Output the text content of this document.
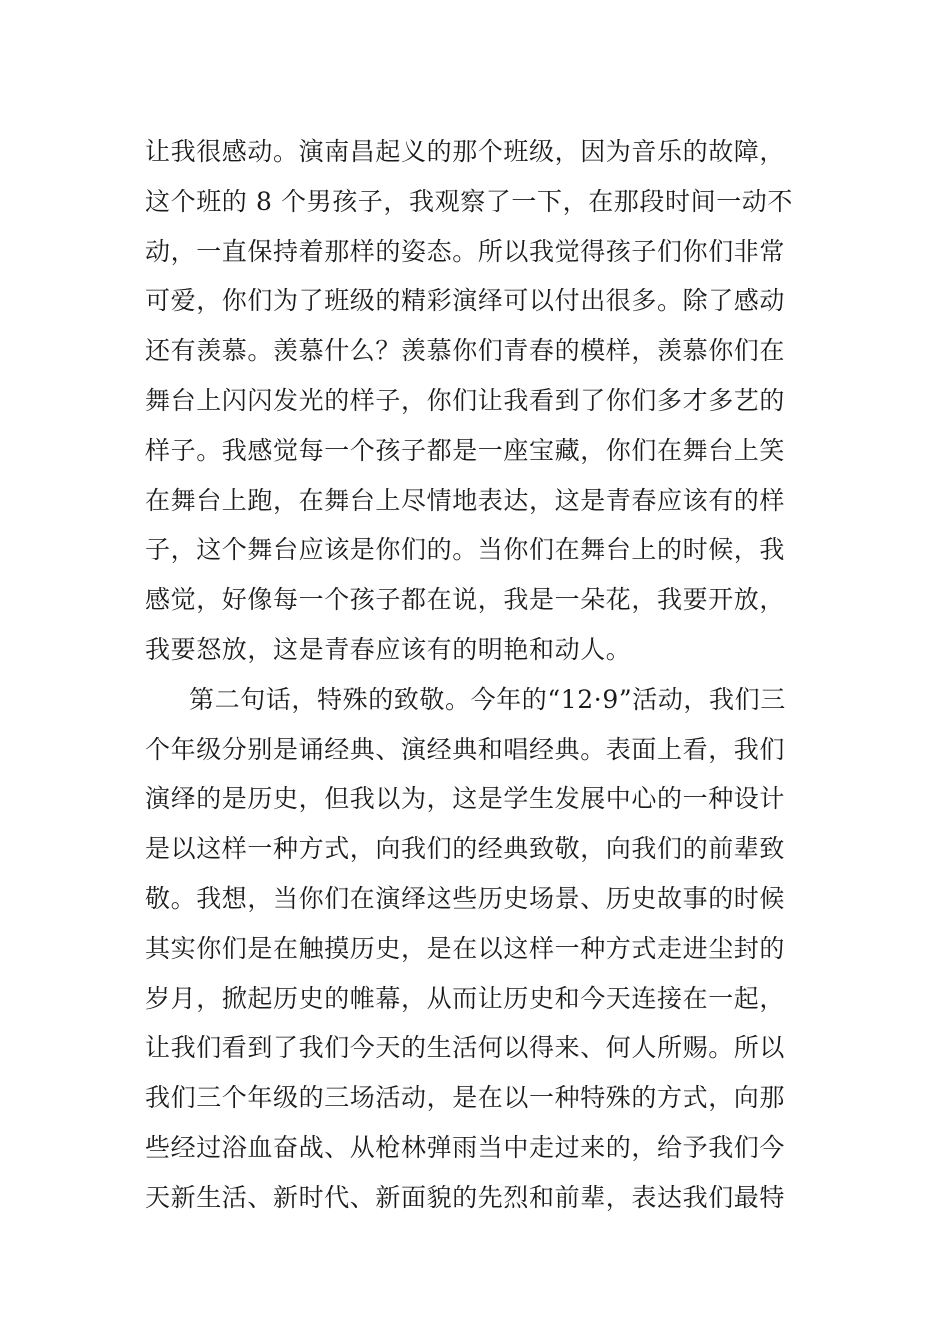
让我很感动。演南昌起义的那个班级，因为音乐的故障，
这个班的 8 个男孩子，我观察了一下，在那段时间一动不
动，一直保持着那样的姿态。所以我觉得孩子们你们非常
可爱，你们为了班级的精彩演绎可以付出很多。除了感动
还有羡慕。羡慕什么？羡慕你们青春的模样，羡慕你们在
舞台上闪闪发光的样子，你们让我看到了你们多才多艺的
样子。我感觉每一个孩子都是一座宝藏，你们在舞台上笑
在舞台上跑，在舞台上尽情地表达，这是青春应该有的样
子，这个舞台应该是你们的。当你们在舞台上的时候，我
感觉，好像每一个孩子都在说，我是一朵花，我要开放，
我要怒放，这是青春应该有的明艳和动人。
第二句话，特殊的致敬。今年的“12·9”活动，我们三
个年级分别是诵经典、演经典和唱经典。表面上看，我们
演绎的是历史，但我以为，这是学生发展中心的一种设计
是以这样一种方式，向我们的经典致敬，向我们的前辈致
敬。我想，当你们在演绎这些历史场景、历史故事的时候
其实你们是在触摸历史，是在以这样一种方式走进尘封的
岁月，掀起历史的帷幕，从而让历史和今天连接在一起，
让我们看到了我们今天的生活何以得来、何人所赐。所以
我们三个年级的三场活动，是在以一种特殊的方式，向那
些经过浴血奋战、从枪林弹雨当中走过来的，给予我们今
天新生活、新时代、新面貌的先烈和前辈，表达我们最特
